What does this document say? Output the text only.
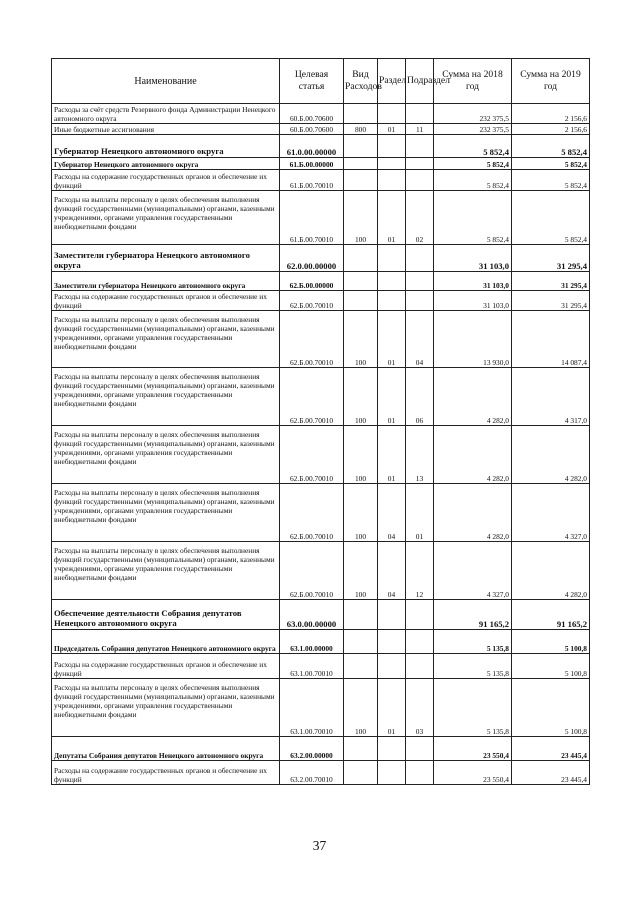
Наименование	Целевая статья	Вид Расходов	Раздел	Подраздел	Сумма на 2018 год	Сумма на 2019 год
Расходы за счёт средств Резервного фонда Администрации Ненецкого автономного округа	60.Б.00.70600				232 375,5	2 156,6
Иные бюджетные ассигнования	60.Б.00.70600	800	01	11	232 375,5	2 156,6
Губернатор Ненецкого автономного округа	61.0.00.00000				5 852,4	5 852,4
Губернатор Ненецкого автономного округа	61.Б.00.00000				5 852,4	5 852,4
Расходы на содержание государственных органов и обеспечение их функций	61.Б.00.70010				5 852,4	5 852,4
Расходы на выплаты персоналу в целях обеспечения выполнения функций государственными (муниципальными) органами, казенными учреждениями, органами управления государственными внебюджетными фондами	61.Б.00.70010	100	01	02	5 852,4	5 852,4
Заместители губернатора Ненецкого автономного округа	62.0.00.00000				31 103,0	31 295,4
Заместители губернатора Ненецкого автономного округа	62.Б.00.00000				31 103,0	31 295,4
Расходы на содержание государственных органов и обеспечение их функций	62.Б.00.70010				31 103,0	31 295,4
Расходы на выплаты персоналу в целях обеспечения выполнения функций государственными (муниципальными) органами, казенными учреждениями, органами управления государственными внебюджетными фондами	62.Б.00.70010	100	01	04	13 930,0	14 087,4
Расходы на выплаты персоналу в целях обеспечения выполнения функций государственными (муниципальными) органами, казенными учреждениями, органами управления государственными внебюджетными фондами	62.Б.00.70010	100	01	06	4 282,0	4 317,0
Расходы на выплаты персоналу в целях обеспечения выполнения функций государственными (муниципальными) органами, казенными учреждениями, органами управления государственными внебюджетными фондами	62.Б.00.70010	100	01	13	4 282,0	4 282,0
Расходы на выплаты персоналу в целях обеспечения выполнения функций государственными (муниципальными) органами, казенными учреждениями, органами управления государственными внебюджетными фондами	62.Б.00.70010	100	04	01	4 282,0	4 327,0
Расходы на выплаты персоналу в целях обеспечения выполнения функций государственными (муниципальными) органами, казенными учреждениями, органами управления государственными внебюджетными фондами	62.Б.00.70010	100	04	12	4 327,0	4 282,0
Обеспечение деятельности Собрания депутатов Ненецкого автономного округа	63.0.00.00000				91 165,2	91 165,2
Председатель Собрания депутатов Ненецкого автономного округа	63.1.00.00000				5 135,8	5 100,8
Расходы на содержание государственных органов и обеспечение их функций	63.1.00.70010				5 135,8	5 100,8
Расходы на выплаты персоналу в целях обеспечения выполнения функций государственными (муниципальными) органами, казенными учреждениями, органами управления государственными внебюджетными фондами	63.1.00.70010	100	01	03	5 135,8	5 100,8
Депутаты Собрания депутатов Ненецкого автономного округа	63.2.00.00000				23 550,4	23 445,4
Расходы на содержание государственных органов и обеспечение их функций	63.2.00.70010				23 550,4	23 445,4
37
